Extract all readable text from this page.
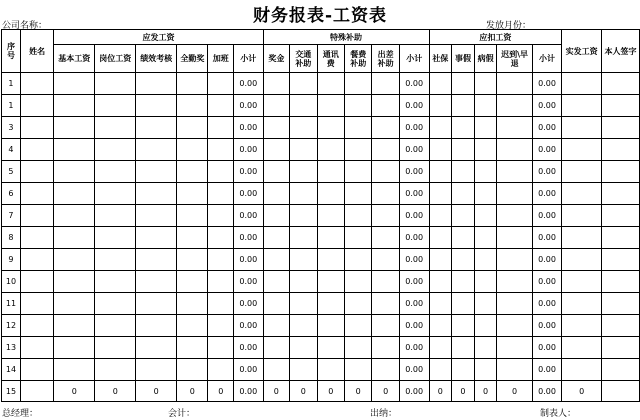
财务报表-工资表
公司名称：	发放月份：
序号	姓名	应发工资						特殊补助						应扣工资					实发工资	本人签字
		基本工资	岗位工资	绩效考核	全勤奖	加班	小计	奖金	交通补助	通讯费	餐费补助	出差补助	小计	社保	事假	病假	迟到\早退	小计		
1							0.00						0.00					0.00		
1							0.00						0.00					0.00		
3							0.00						0.00					0.00		
4							0.00						0.00					0.00		
5							0.00						0.00					0.00		
6							0.00						0.00					0.00		
7							0.00						0.00					0.00		
8							0.00						0.00					0.00		
9							0.00						0.00					0.00		
10							0.00						0.00					0.00		
11							0.00						0.00					0.00		
12							0.00						0.00					0.00		
13							0.00						0.00					0.00		
14							0.00						0.00					0.00		
15		0	0	0	0	0	0.00	0	0	0	0	0	0.00	0	0	0	0	0.00	0	
总经理：	会计：	出纳：	制表人：
